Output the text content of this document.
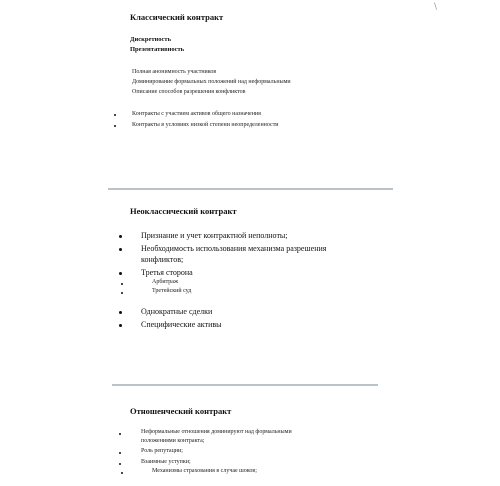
\
Классический контракт
Дискретность
Презентативность
Полная анонимность участников
Доминирование формальных положений над неформальными
Описание способов разрешения конфликтов
Контракты с участием активов общего назначения
Контракты в условиях низкой степени неопределенности
Неоклассический контракт
Признание и учет контрактной неполноты;
Необходимость использования механизма разрешения
конфликтов;
Третья сторона
Арбитраж
Третейский суд
Однократные сделки
Специфические активы
Отношенческий контракт
Неформальные отношения доминируют над формальными
положениями контракта;
Роль репутации;
Взаимные уступки;
Механизмы страхования в случае шоков;
